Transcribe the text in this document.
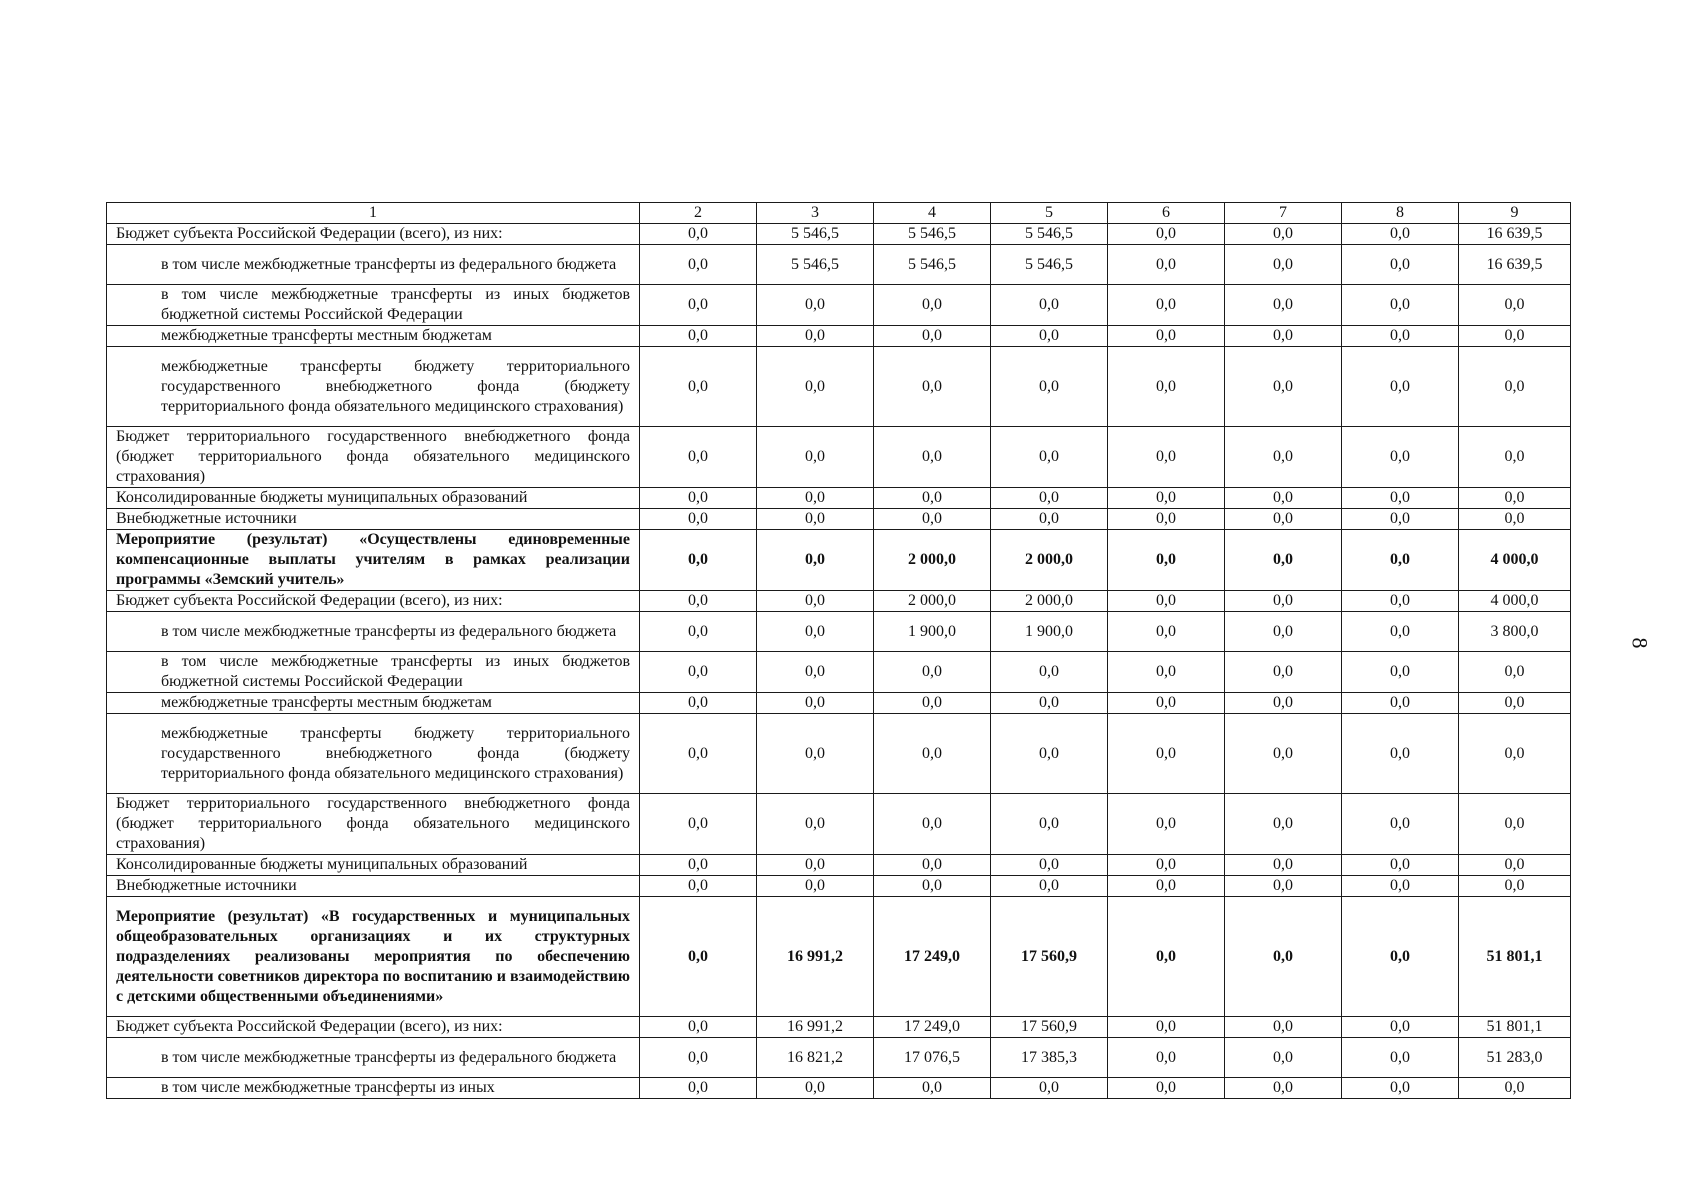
1	2	3	4	5	6	7	8	9
Бюджет субъекта Российской Федерации (всего), из них:	0,0	5 546,5	5 546,5	5 546,5	0,0	0,0	0,0	16 639,5
в том числе межбюджетные трансферты из федерального бюджета	0,0	5 546,5	5 546,5	5 546,5	0,0	0,0	0,0	16 639,5
в том числе межбюджетные трансферты из иных бюджетов бюджетной системы Российской Федерации	0,0	0,0	0,0	0,0	0,0	0,0	0,0	0,0
межбюджетные трансферты местным бюджетам	0,0	0,0	0,0	0,0	0,0	0,0	0,0	0,0
межбюджетные трансферты бюджету территориального государственного внебюджетного фонда (бюджету территориального фонда обязательного медицинского страхования)	0,0	0,0	0,0	0,0	0,0	0,0	0,0	0,0
Бюджет территориального государственного внебюджетного фонда (бюджет территориального фонда обязательного медицинского страхования)	0,0	0,0	0,0	0,0	0,0	0,0	0,0	0,0
Консолидированные бюджеты муниципальных образований	0,0	0,0	0,0	0,0	0,0	0,0	0,0	0,0
Внебюджетные источники	0,0	0,0	0,0	0,0	0,0	0,0	0,0	0,0
Мероприятие (результат) «Осуществлены единовременные компенсационные выплаты учителям в рамках реализации программы «Земский учитель»	0,0	0,0	2 000,0	2 000,0	0,0	0,0	0,0	4 000,0
Бюджет субъекта Российской Федерации (всего), из них:	0,0	0,0	2 000,0	2 000,0	0,0	0,0	0,0	4 000,0
в том числе межбюджетные трансферты из федерального бюджета	0,0	0,0	1 900,0	1 900,0	0,0	0,0	0,0	3 800,0
в том числе межбюджетные трансферты из иных бюджетов бюджетной системы Российской Федерации	0,0	0,0	0,0	0,0	0,0	0,0	0,0	0,0
межбюджетные трансферты местным бюджетам	0,0	0,0	0,0	0,0	0,0	0,0	0,0	0,0
межбюджетные трансферты бюджету территориального государственного внебюджетного фонда (бюджету территориального фонда обязательного медицинского страхования)	0,0	0,0	0,0	0,0	0,0	0,0	0,0	0,0
Бюджет территориального государственного внебюджетного фонда (бюджет территориального фонда обязательного медицинского страхования)	0,0	0,0	0,0	0,0	0,0	0,0	0,0	0,0
Консолидированные бюджеты муниципальных образований	0,0	0,0	0,0	0,0	0,0	0,0	0,0	0,0
Внебюджетные источники	0,0	0,0	0,0	0,0	0,0	0,0	0,0	0,0
Мероприятие (результат) «В государственных и муниципальных общеобразовательных организациях и их структурных подразделениях реализованы мероприятия по обеспечению деятельности советников директора по воспитанию и взаимодействию с детскими общественными объединениями»	0,0	16 991,2	17 249,0	17 560,9	0,0	0,0	0,0	51 801,1
Бюджет субъекта Российской Федерации (всего), из них:	0,0	16 991,2	17 249,0	17 560,9	0,0	0,0	0,0	51 801,1
в том числе межбюджетные трансферты из федерального бюджета	0,0	16 821,2	17 076,5	17 385,3	0,0	0,0	0,0	51 283,0
в том числе межбюджетные трансферты из иных	0,0	0,0	0,0	0,0	0,0	0,0	0,0	0,0
8
